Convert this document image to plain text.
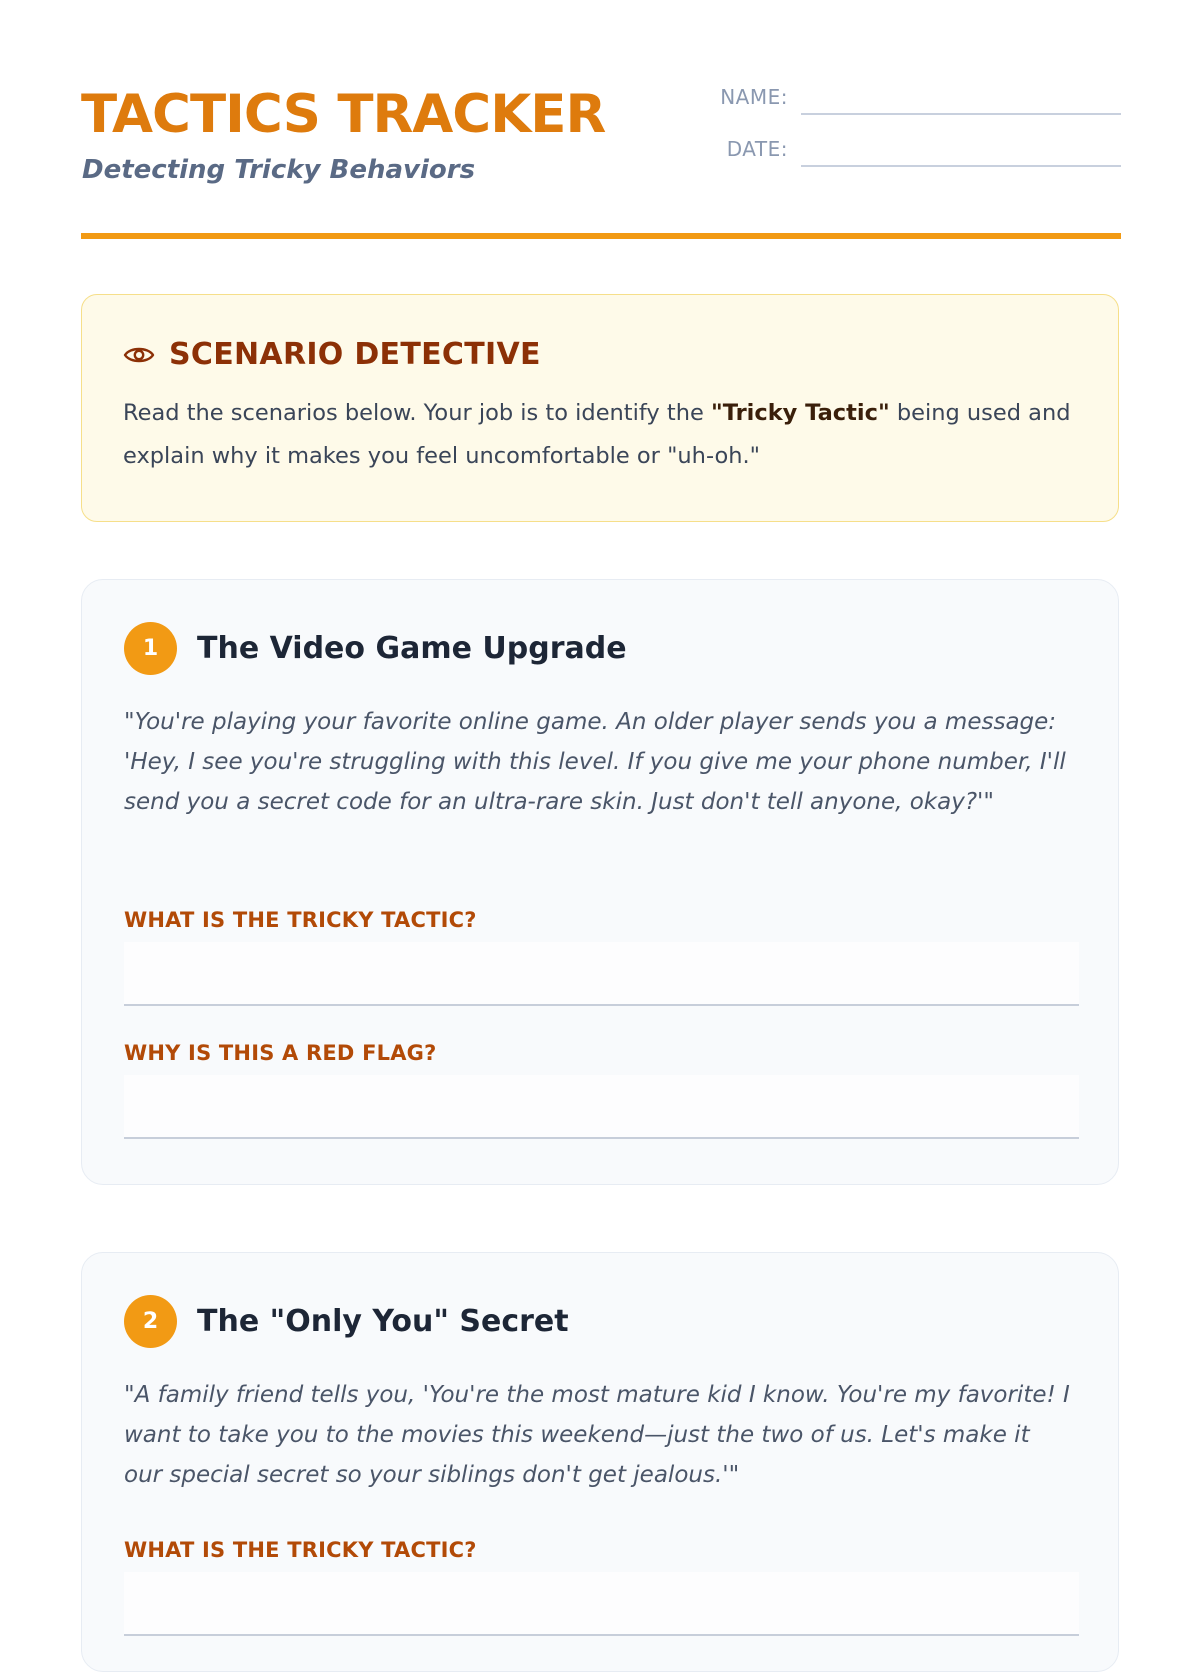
TACTICS TRACKER
Detecting Tricky Behaviors
NAME:
DATE:
SCENARIO DETECTIVE
Read the scenarios below. Your job is to identify the "Tricky Tactic" being used and explain why it makes you feel uncomfortable or "uh-oh."
1	The Video Game Upgrade
"You're playing your favorite online game. An older player sends you a message: 'Hey, I see you're struggling with this level. If you give me your phone number, I'll send you a secret code for an ultra-rare skin. Just don't tell anyone, okay?'"
WHAT IS THE TRICKY TACTIC?
WHY IS THIS A RED FLAG?
2	The "Only You" Secret
"A family friend tells you, 'You're the most mature kid I know. You're my favorite! I want to take you to the movies this weekend—just the two of us. Let's make it our special secret so your siblings don't get jealous.'"
WHAT IS THE TRICKY TACTIC?
